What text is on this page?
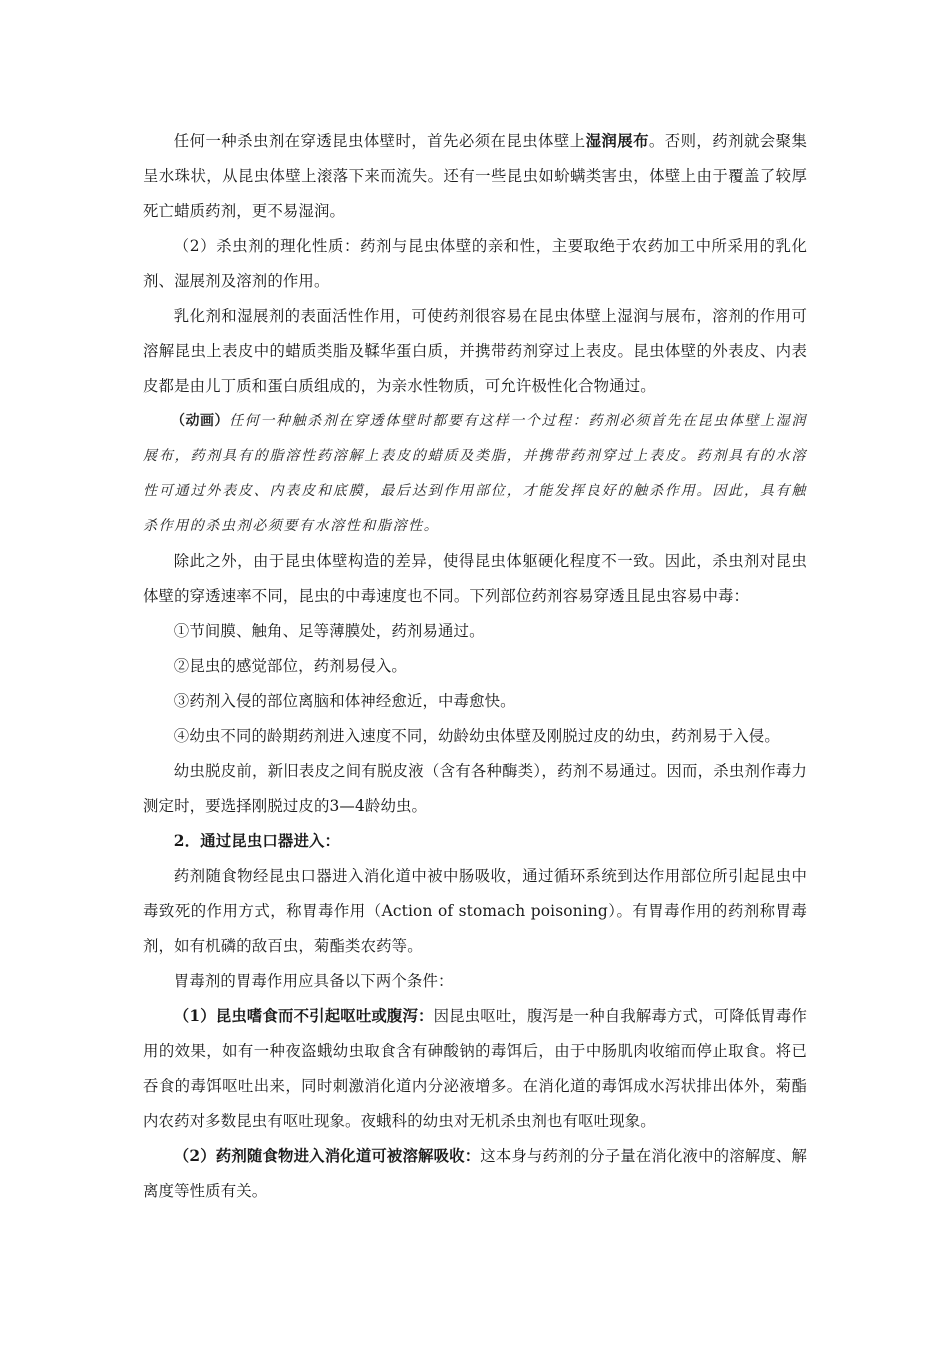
任何一种杀虫剂在穿透昆虫体壁时，首先必须在昆虫体壁上湿润展布。否则，药剂就会聚集呈水珠状，从昆虫体壁上滚落下来而流失。还有一些昆虫如蚧螨类害虫，体壁上由于覆盖了较厚死亡蜡质药剂，更不易湿润。

（2）杀虫剂的理化性质：药剂与昆虫体壁的亲和性，主要取绝于农药加工中所采用的乳化剂、湿展剂及溶剂的作用。

乳化剂和湿展剂的表面活性作用，可使药剂很容易在昆虫体壁上湿润与展布，溶剂的作用可溶解昆虫上表皮中的蜡质类脂及鞣华蛋白质，并携带药剂穿过上表皮。昆虫体壁的外表皮、内表皮都是由儿丁质和蛋白质组成的，为亲水性物质，可允许极性化合物通过。

（动画）任何一种触杀剂在穿透体壁时都要有这样一个过程：药剂必须首先在昆虫体壁上湿润展布，药剂具有的脂溶性药溶解上表皮的蜡质及类脂，并携带药剂穿过上表皮。药剂具有的水溶性可通过外表皮、内表皮和底膜，最后达到作用部位，才能发挥良好的触杀作用。因此，具有触杀作用的杀虫剂必须要有水溶性和脂溶性。

除此之外，由于昆虫体壁构造的差异，使得昆虫体躯硬化程度不一致。因此，杀虫剂对昆虫体壁的穿透速率不同，昆虫的中毒速度也不同。下列部位药剂容易穿透且昆虫容易中毒：

①节间膜、触角、足等薄膜处，药剂易通过。

②昆虫的感觉部位，药剂易侵入。

③药剂入侵的部位离脑和体神经愈近，中毒愈快。

④幼虫不同的龄期药剂进入速度不同，幼龄幼虫体壁及刚脱过皮的幼虫，药剂易于入侵。

幼虫脱皮前，新旧表皮之间有脱皮液（含有各种酶类），药剂不易通过。因而，杀虫剂作毒力测定时，要选择刚脱过皮的3—4龄幼虫。

2．通过昆虫口器进入：

药剂随食物经昆虫口器进入消化道中被中肠吸收，通过循环系统到达作用部位所引起昆虫中毒致死的作用方式，称胃毒作用（Action of stomach poisoning）。有胃毒作用的药剂称胃毒剂，如有机磷的敌百虫，菊酯类农药等。

胃毒剂的胃毒作用应具备以下两个条件：

（1）昆虫嗜食而不引起呕吐或腹泻：因昆虫呕吐，腹泻是一种自我解毒方式，可降低胃毒作用的效果，如有一种夜盗蛾幼虫取食含有砷酸钠的毒饵后，由于中肠肌肉收缩而停止取食。将已吞食的毒饵呕吐出来，同时刺激消化道内分泌液增多。在消化道的毒饵成水泻状排出体外，菊酯内农药对多数昆虫有呕吐现象。夜蛾科的幼虫对无机杀虫剂也有呕吐现象。

（2）药剂随食物进入消化道可被溶解吸收：这本身与药剂的分子量在消化液中的溶解度、解离度等性质有关。
